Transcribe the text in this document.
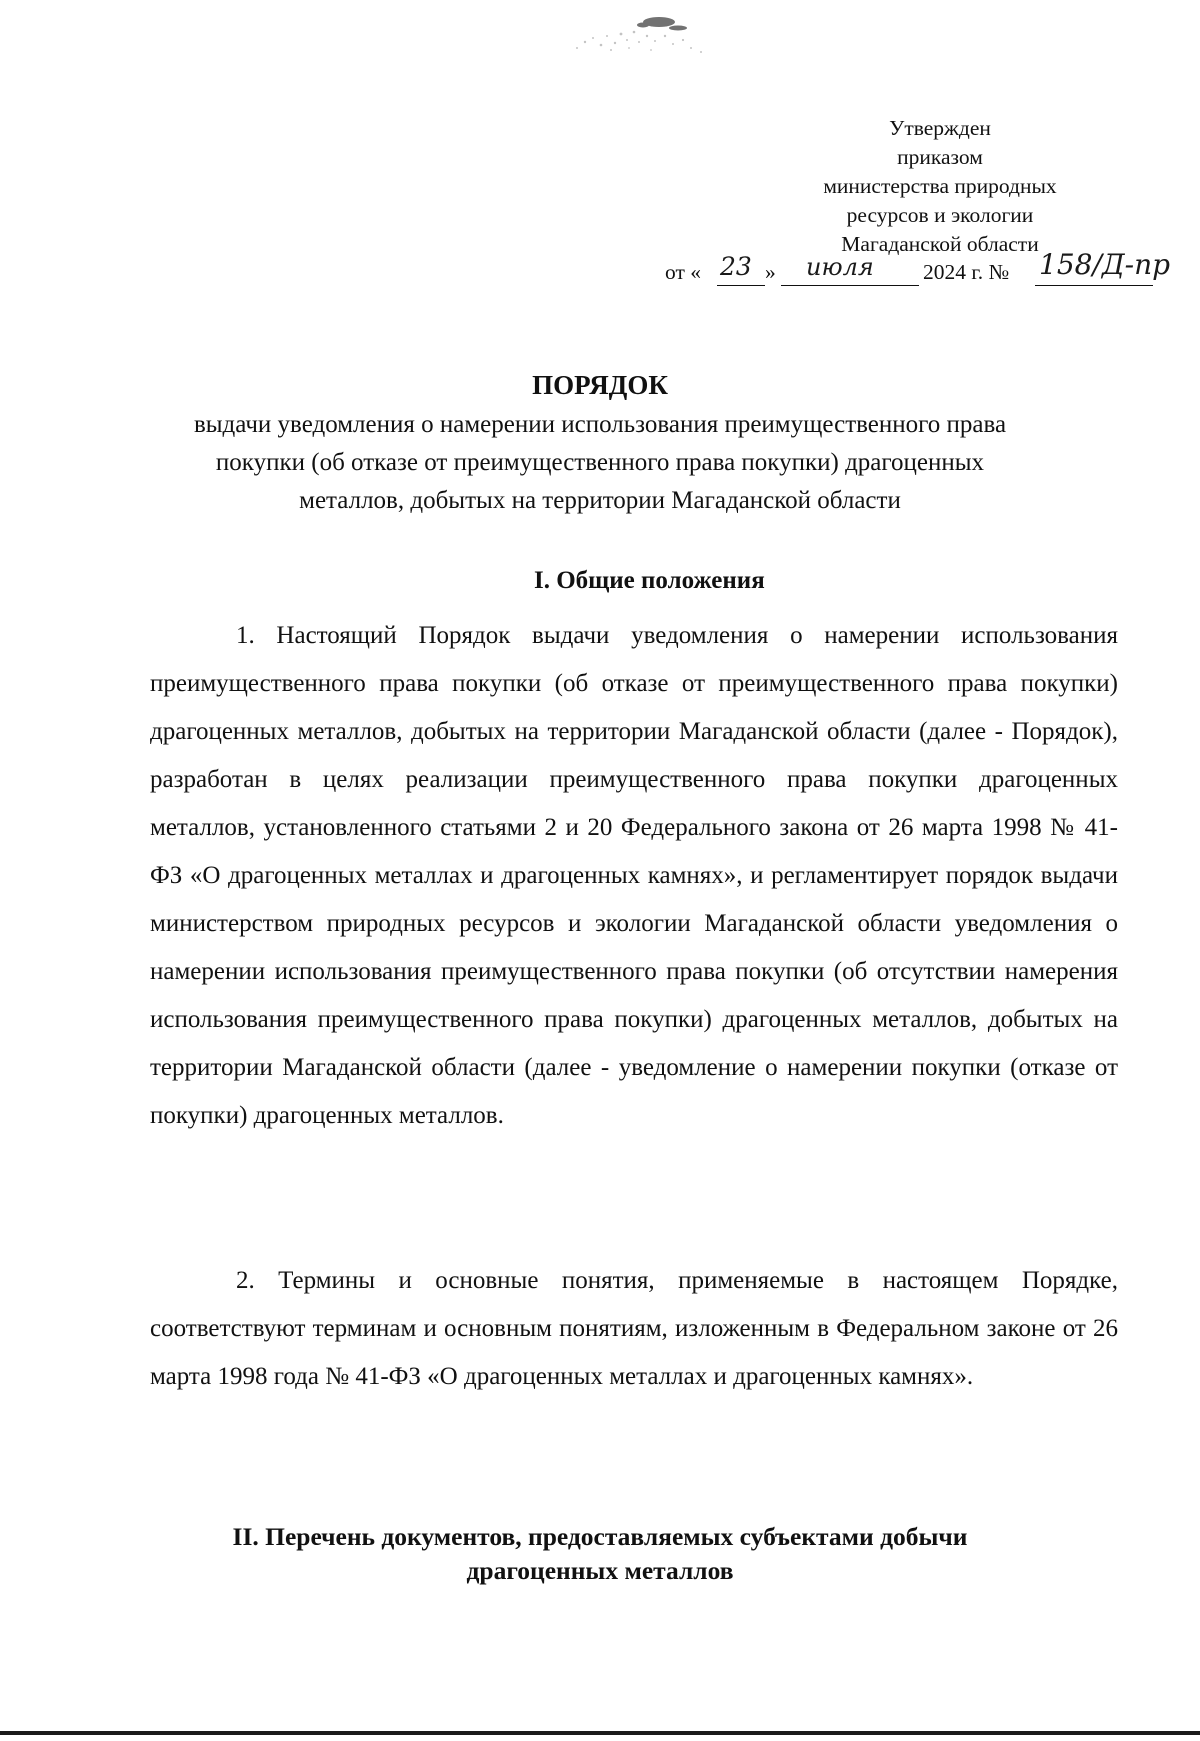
Утвержден
приказом
министерства природных
ресурсов и экологии
Магаданской области
от « 23 » июля 2024 г. № 158/Д-пр
ПОРЯДОК
выдачи уведомления о намерении использования преимущественного права
покупки (об отказе от преимущественного права покупки) драгоценных
металлов, добытых на территории Магаданской области
I. Общие положения
1. Настоящий Порядок выдачи уведомления о намерении использования преимущественного права покупки (об отказе от преимущественного права покупки) драгоценных металлов, добытых на территории Магаданской области (далее - Порядок), разработан в целях реализации преимущественного права покупки драгоценных металлов, установленного статьями 2 и 20 Федерального закона от 26 марта 1998 № 41-ФЗ «О драгоценных металлах и драгоценных камнях», и регламентирует порядок выдачи министерством природных ресурсов и экологии Магаданской области уведомления о намерении использования преимущественного права покупки (об отсутствии намерения использования преимущественного права покупки) драгоценных металлов, добытых на территории Магаданской области (далее - уведомление о намерении покупки (отказе от покупки) драгоценных металлов.
2. Термины и основные понятия, применяемые в настоящем Порядке, соответствуют терминам и основным понятиям, изложенным в Федеральном законе от 26 марта 1998 года № 41-ФЗ «О драгоценных металлах и драгоценных камнях».
II. Перечень документов, предоставляемых субъектами добычи
драгоценных металлов
